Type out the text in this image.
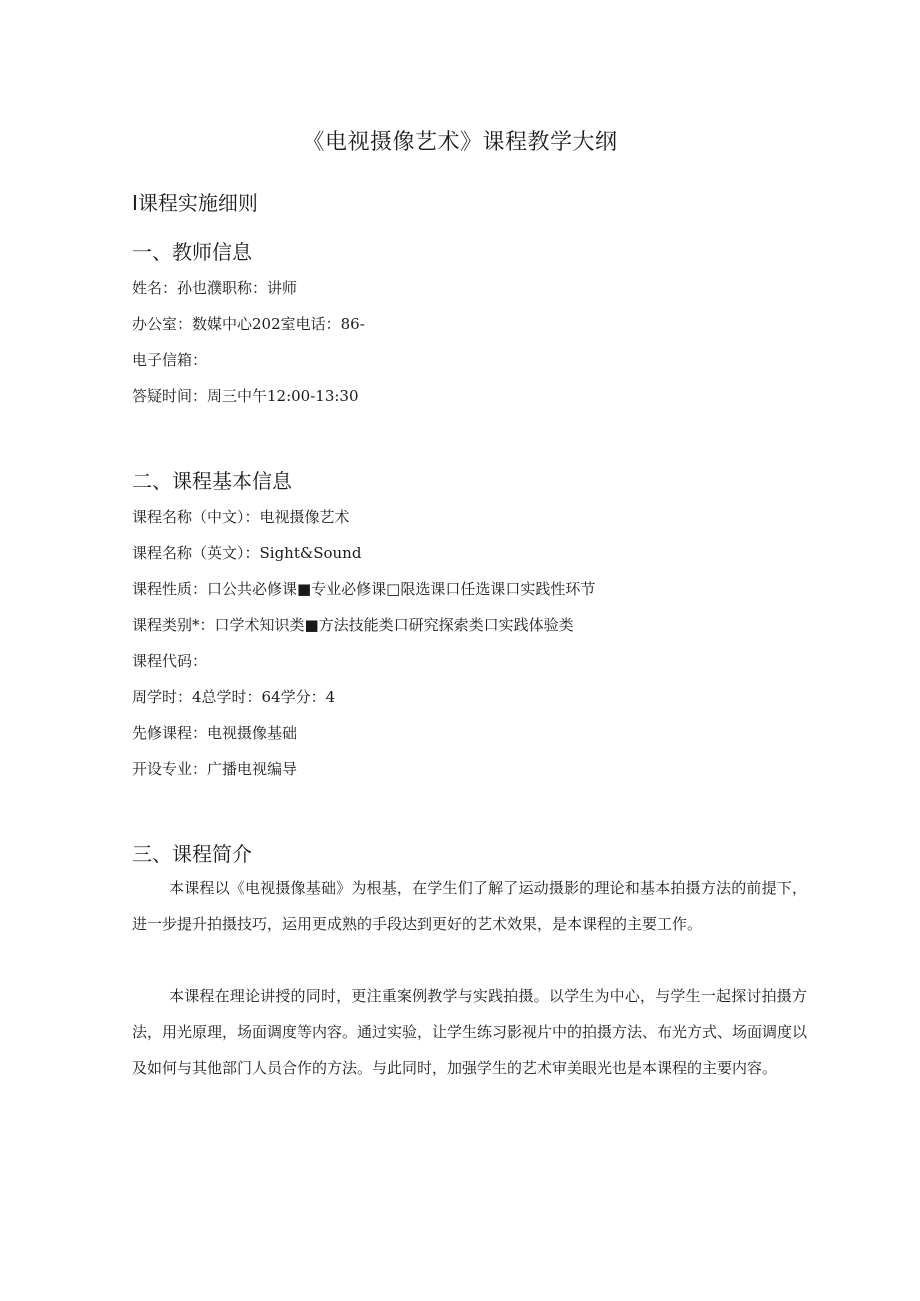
《电视摄像艺术》课程教学大纲
Ⅰ课程实施细则
一、教师信息
姓名：孙也濮职称：讲师
办公室：数媒中心202室电话：86-
电子信箱：
答疑时间：周三中午12:00-13:30
二、课程基本信息
课程名称（中文）：电视摄像艺术
课程名称（英文）：Sight&Sound
课程性质：口公共必修课■专业必修课□限选课口任选课口实践性环节
课程类别*：口学术知识类■方法技能类口研究探索类口实践体验类
课程代码：
周学时：4总学时：64学分：4
先修课程：电视摄像基础
开设专业：广播电视编导
三、课程简介
本课程以《电视摄像基础》为根基，在学生们了解了运动摄影的理论和基本拍摄方法的前提下，进一步提升拍摄技巧，运用更成熟的手段达到更好的艺术效果，是本课程的主要工作。
本课程在理论讲授的同时，更注重案例教学与实践拍摄。以学生为中心，与学生一起探讨拍摄方法，用光原理，场面调度等内容。通过实验，让学生练习影视片中的拍摄方法、布光方式、场面调度以及如何与其他部门人员合作的方法。与此同时，加强学生的艺术审美眼光也是本课程的主要内容。
